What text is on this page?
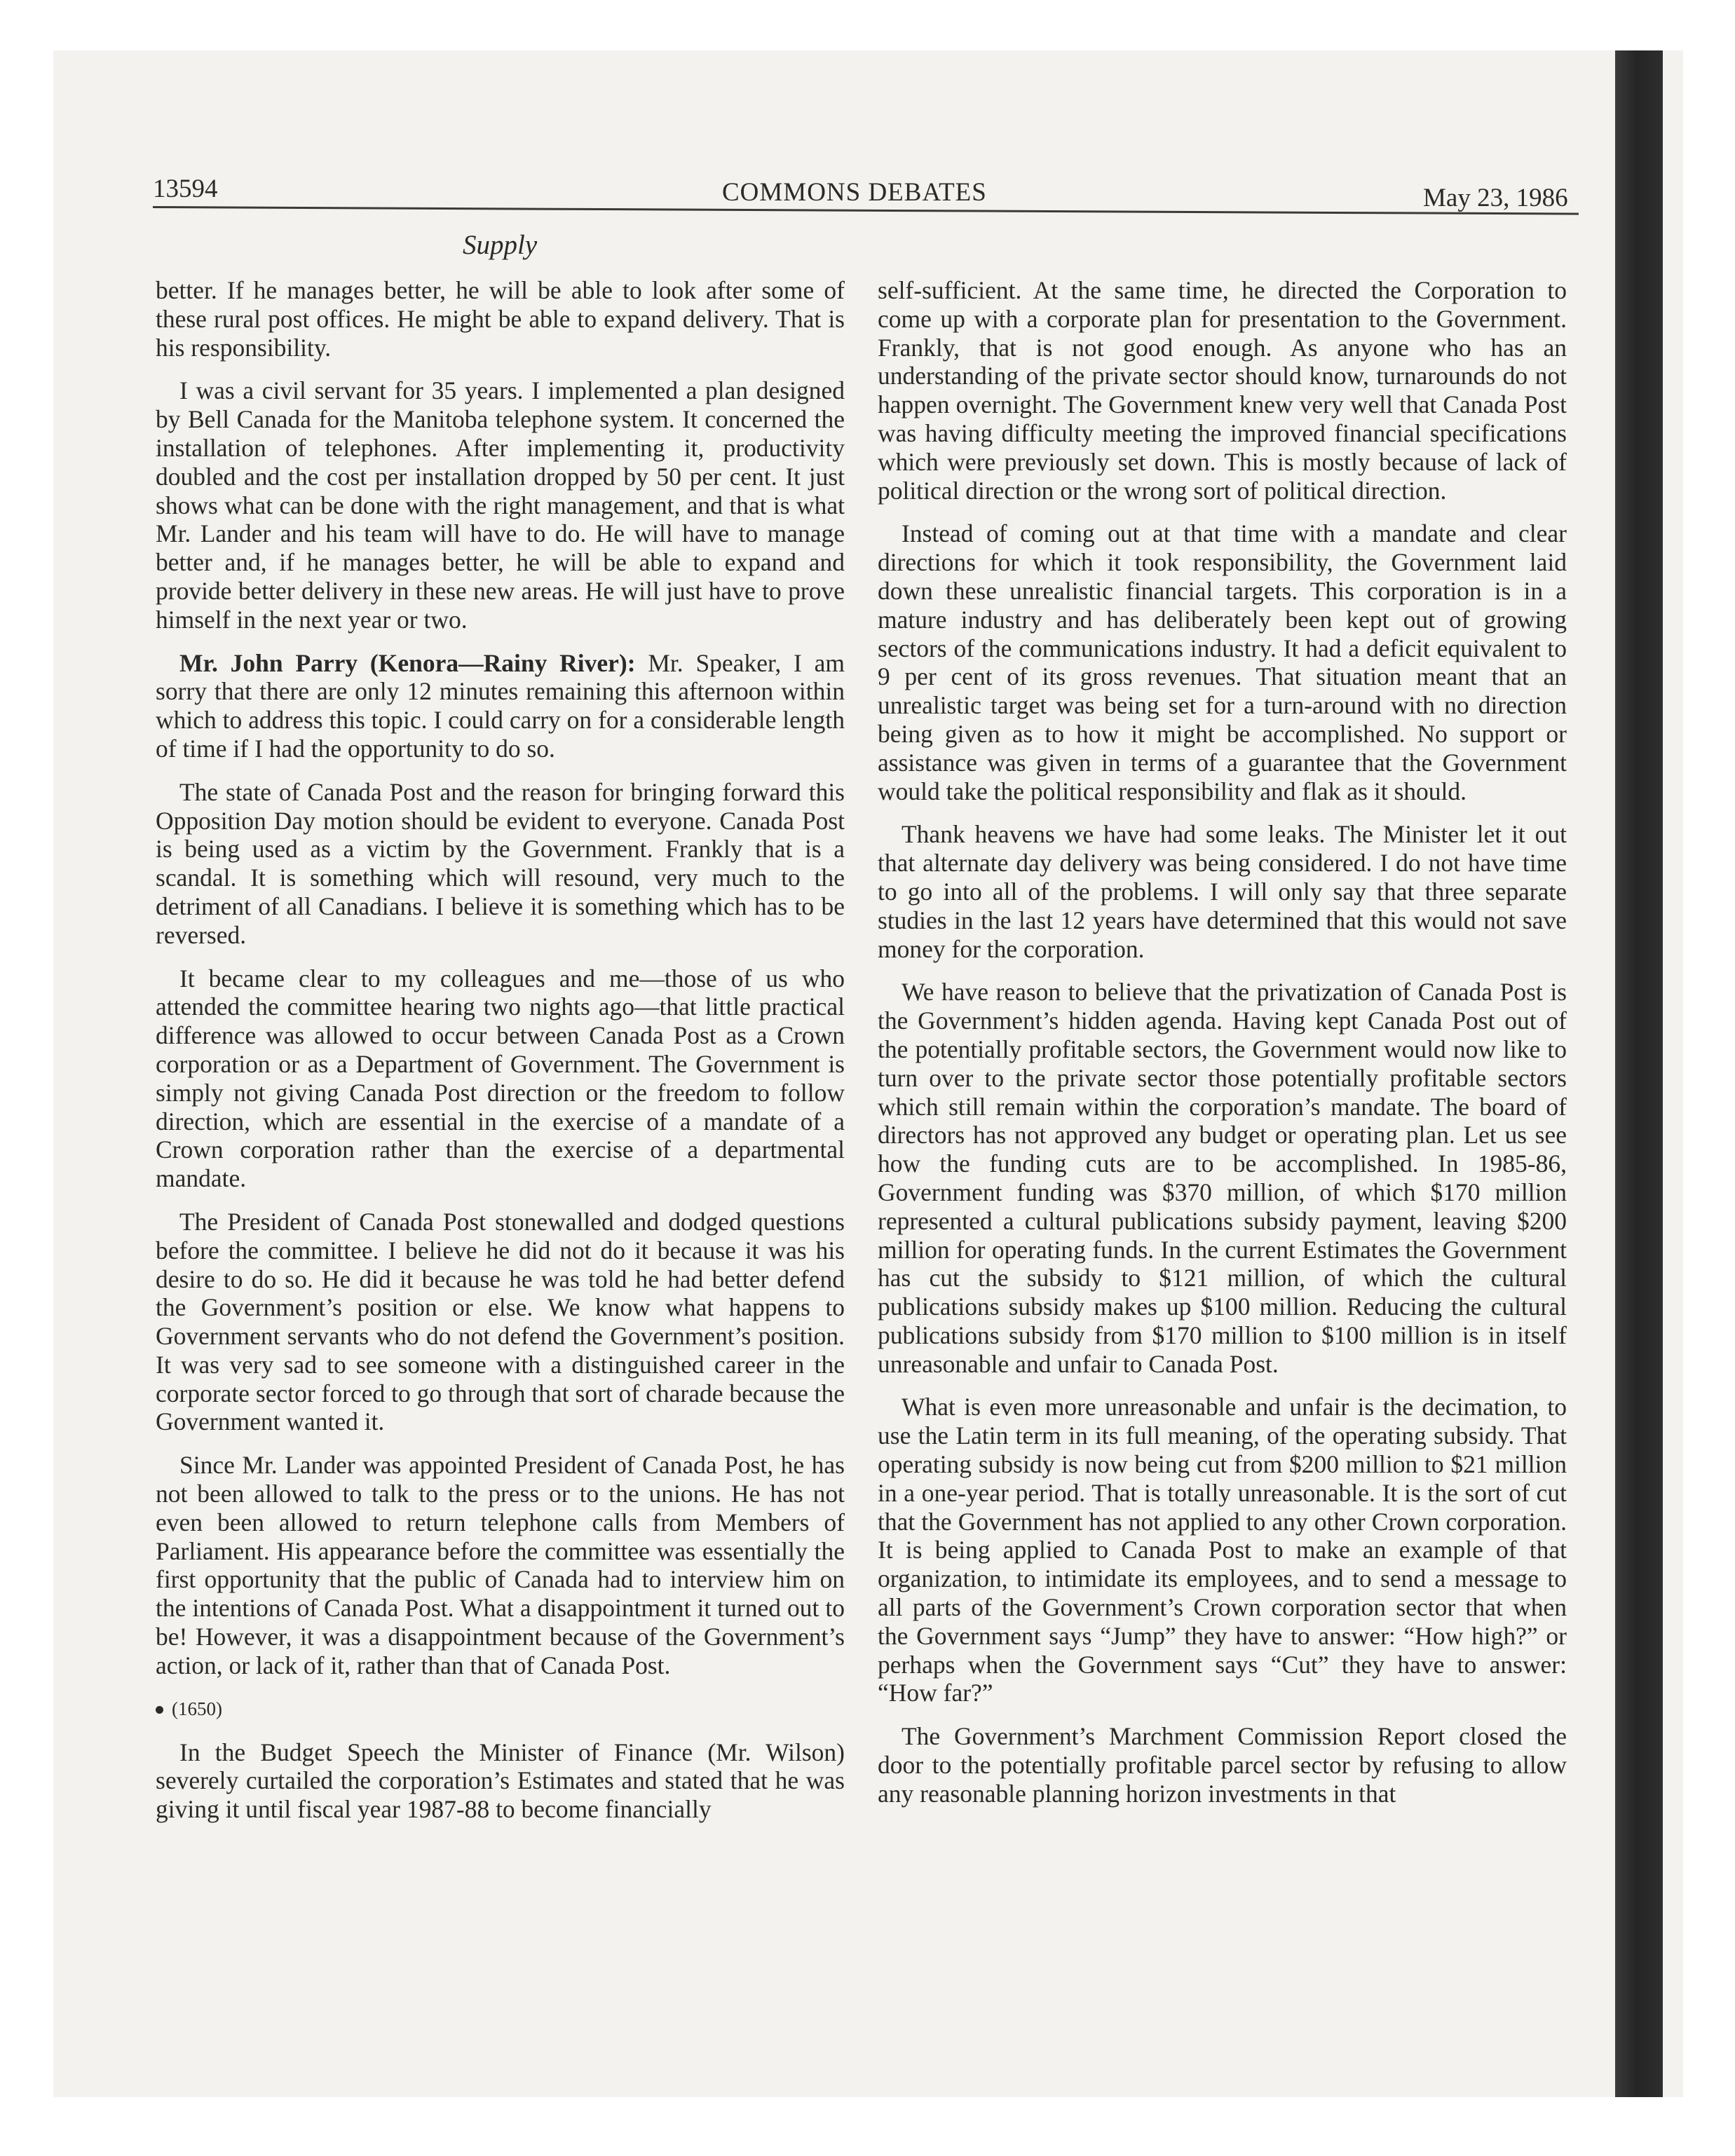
13594	COMMONS DEBATES	May 23, 1986
Supply

better. If he manages better, he will be able to look after some of these rural post offices. He might be able to expand delivery. That is his responsibility.

I was a civil servant for 35 years. I implemented a plan designed by Bell Canada for the Manitoba telephone system. It concerned the installation of telephones. After implementing it, productivity doubled and the cost per installation dropped by 50 per cent. It just shows what can be done with the right management, and that is what Mr. Lander and his team will have to do. He will have to manage better and, if he manages better, he will be able to expand and provide better delivery in these new areas. He will just have to prove himself in the next year or two.

Mr. John Parry (Kenora—Rainy River): Mr. Speaker, I am sorry that there are only 12 minutes remaining this afternoon within which to address this topic. I could carry on for a considerable length of time if I had the opportunity to do so.

The state of Canada Post and the reason for bringing forward this Opposition Day motion should be evident to everyone. Canada Post is being used as a victim by the Government. Frankly that is a scandal. It is something which will resound, very much to the detriment of all Canadians. I believe it is something which has to be reversed.

It became clear to my colleagues and me—those of us who attended the committee hearing two nights ago—that little practical difference was allowed to occur between Canada Post as a Crown corporation or as a Department of Government. The Government is simply not giving Canada Post direction or the freedom to follow direction, which are essential in the exercise of a mandate of a Crown corporation rather than the exercise of a departmental mandate.

The President of Canada Post stonewalled and dodged questions before the committee. I believe he did not do it because it was his desire to do so. He did it because he was told he had better defend the Government’s position or else. We know what happens to Government servants who do not defend the Government’s position. It was very sad to see someone with a distinguished career in the corporate sector forced to go through that sort of charade because the Government wanted it.

Since Mr. Lander was appointed President of Canada Post, he has not been allowed to talk to the press or to the unions. He has not even been allowed to return telephone calls from Members of Parliament. His appearance before the committee was essentially the first opportunity that the public of Canada had to interview him on the intentions of Canada Post. What a disappointment it turned out to be! However, it was a disappointment because of the Government’s action, or lack of it, rather than that of Canada Post.

(1650)

In the Budget Speech the Minister of Finance (Mr. Wilson) severely curtailed the corporation’s Estimates and stated that he was giving it until fiscal year 1987-88 to become financially

self-sufficient. At the same time, he directed the Corporation to come up with a corporate plan for presentation to the Government. Frankly, that is not good enough. As anyone who has an understanding of the private sector should know, turnarounds do not happen overnight. The Government knew very well that Canada Post was having difficulty meeting the improved financial specifications which were previously set down. This is mostly because of lack of political direction or the wrong sort of political direction.

Instead of coming out at that time with a mandate and clear directions for which it took responsibility, the Government laid down these unrealistic financial targets. This corporation is in a mature industry and has deliberately been kept out of growing sectors of the communications industry. It had a deficit equivalent to 9 per cent of its gross revenues. That situation meant that an unrealistic target was being set for a turn-around with no direction being given as to how it might be accomplished. No support or assistance was given in terms of a guarantee that the Government would take the political responsibility and flak as it should.

Thank heavens we have had some leaks. The Minister let it out that alternate day delivery was being considered. I do not have time to go into all of the problems. I will only say that three separate studies in the last 12 years have determined that this would not save money for the corporation.

We have reason to believe that the privatization of Canada Post is the Government’s hidden agenda. Having kept Canada Post out of the potentially profitable sectors, the Government would now like to turn over to the private sector those potentially profitable sectors which still remain within the corporation’s mandate. The board of directors has not approved any budget or operating plan. Let us see how the funding cuts are to be accomplished. In 1985-86, Government funding was $370 million, of which $170 million represented a cultural publications subsidy payment, leaving $200 million for operating funds. In the current Estimates the Government has cut the subsidy to $121 million, of which the cultural publications subsidy makes up $100 million. Reducing the cultural publications subsidy from $170 million to $100 million is in itself unreasonable and unfair to Canada Post.

What is even more unreasonable and unfair is the decimation, to use the Latin term in its full meaning, of the operating subsidy. That operating subsidy is now being cut from $200 million to $21 million in a one-year period. That is totally unreasonable. It is the sort of cut that the Government has not applied to any other Crown corporation. It is being applied to Canada Post to make an example of that organization, to intimidate its employees, and to send a message to all parts of the Government’s Crown corporation sector that when the Government says “Jump” they have to answer: “How high?” or perhaps when the Government says “Cut” they have to answer: “How far?”

The Government’s Marchment Commission Report closed the door to the potentially profitable parcel sector by refusing to allow any reasonable planning horizon investments in that
